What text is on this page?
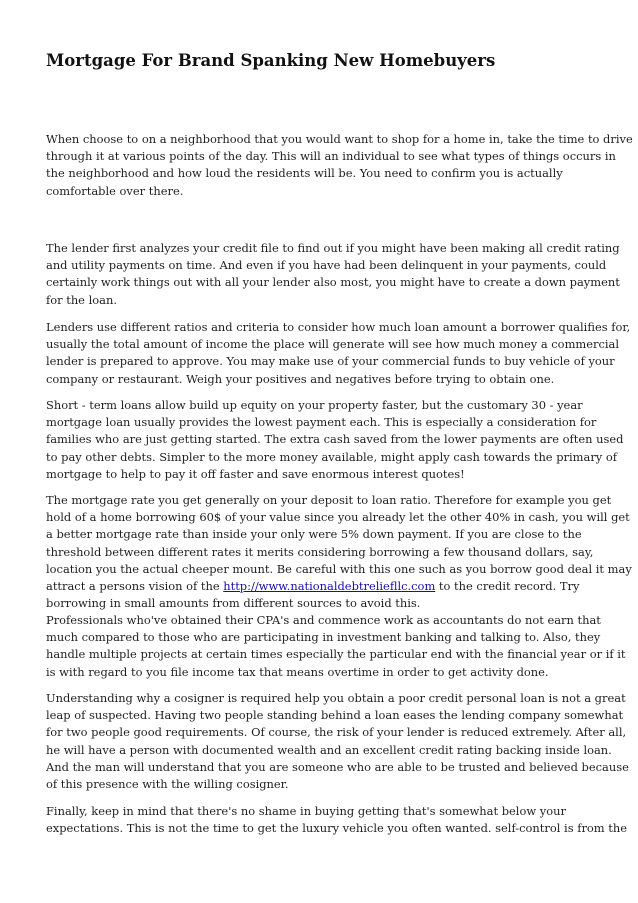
Mortgage For Brand Spanking New Homebuyers

When choose to on a neighborhood that you would want to shop for a home in, take the time to drive
through it at various points of the day. This will an individual to see what types of things occurs in
the neighborhood and how loud the residents will be. You need to confirm you is actually
comfortable over there.

The lender first analyzes your credit file to find out if you might have been making all credit rating
and utility payments on time. And even if you have had been delinquent in your payments, could
certainly work things out with all your lender also most, you might have to create a down payment
for the loan.

Lenders use different ratios and criteria to consider how much loan amount a borrower qualifies for,
usually the total amount of income the place will generate will see how much money a commercial
lender is prepared to approve. You may make use of your commercial funds to buy vehicle of your
company or restaurant. Weigh your positives and negatives before trying to obtain one.

Short - term loans allow build up equity on your property faster, but the customary 30 - year
mortgage loan usually provides the lowest payment each. This is especially a consideration for
families who are just getting started. The extra cash saved from the lower payments are often used
to pay other debts. Simpler to the more money available, might apply cash towards the primary of
mortgage to help to pay it off faster and save enormous interest quotes!

The mortgage rate you get generally on your deposit to loan ratio. Therefore for example you get
hold of a home borrowing 60$ of your value since you already let the other 40% in cash, you will get
a better mortgage rate than inside your only were 5% down payment. If you are close to the
threshold between different rates it merits considering borrowing a few thousand dollars, say,
location you the actual cheeper mount. Be careful with this one such as you borrow good deal it may
attract a persons vision of the http://www.nationaldebtreliefllc.com to the credit record. Try
borrowing in small amounts from different sources to avoid this.

Professionals who've obtained their CPA's and commence work as accountants do not earn that
much compared to those who are participating in investment banking and talking to. Also, they
handle multiple projects at certain times especially the particular end with the financial year or if it
is with regard to you file income tax that means overtime in order to get activity done.

Understanding why a cosigner is required help you obtain a poor credit personal loan is not a great
leap of suspected. Having two people standing behind a loan eases the lending company somewhat
for two people good requirements. Of course, the risk of your lender is reduced extremely. After all,
he will have a person with documented wealth and an excellent credit rating backing inside loan.
And the man will understand that you are someone who are able to be trusted and believed because
of this presence with the willing cosigner.

Finally, keep in mind that there's no shame in buying getting that's somewhat below your
expectations. This is not the time to get the luxury vehicle you often wanted. self-control is from the
